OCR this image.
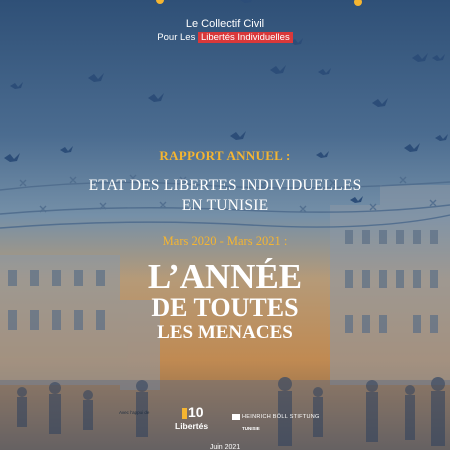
Le Collectif Civil
Pour Les Libertés Individuelles
RAPPORT ANNUEL :
ETAT DES LIBERTES INDIVIDUELLES
EN TUNISIE
Mars 2020 - Mars 2021 :
L’ANNÉE
DE TOUTES
LES MENACES
Avec l’appui de	10
Libertés
HEINRICH BÖLL STIFTUNG
TUNISIE
Juin 2021
